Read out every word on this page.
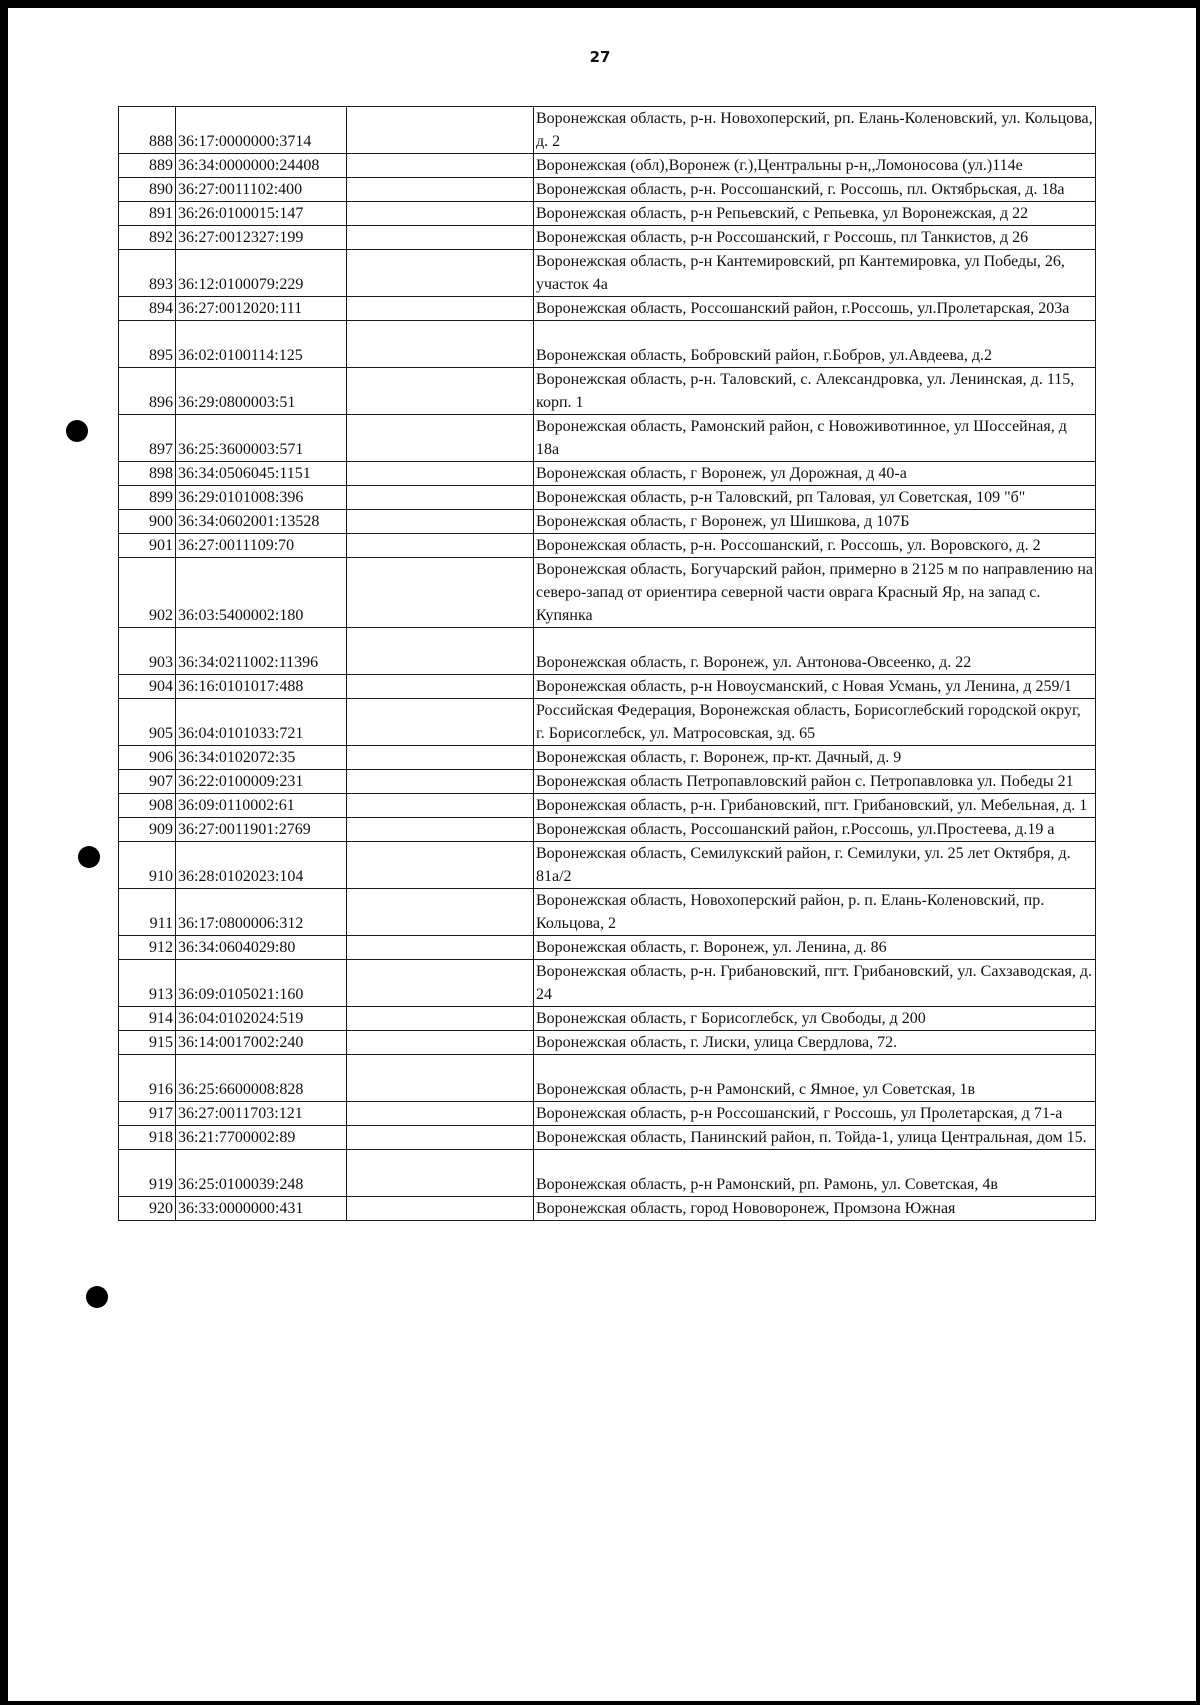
27
888	36:17:0000000:3714		Воронежская область, р-н. Новохоперский, рп. Елань-Коленовский, ул. Кольцова, д. 2
889	36:34:0000000:24408		Воронежская (обл),Воронеж (г.),Центральны р-н,,Ломоносова (ул.)114е
890	36:27:0011102:400		Воронежская область, р-н. Россошанский, г. Россошь, пл. Октябрьская, д. 18а
891	36:26:0100015:147		Воронежская область, р-н Репьевский, с Репьевка, ул Воронежская, д 22
892	36:27:0012327:199		Воронежская область, р-н Россошанский, г Россошь, пл Танкистов, д 26
893	36:12:0100079:229		Воронежская область, р-н Кантемировский, рп Кантемировка, ул Победы, 26, участок 4а
894	36:27:0012020:111		Воронежская область, Россошанский район, г.Россошь, ул.Пролетарская, 203а
895	36:02:0100114:125		Воронежская область, Бобровский район, г.Бобров, ул.Авдеева, д.2
896	36:29:0800003:51		Воронежская область, р-н. Таловский, с. Александровка, ул. Ленинская, д. 115, корп. 1
897	36:25:3600003:571		Воронежская область, Рамонский район, с Новоживотинное, ул Шоссейная, д 18а
898	36:34:0506045:1151		Воронежская область, г Воронеж, ул Дорожная, д 40-а
899	36:29:0101008:396		Воронежская область, р-н Таловский, рп Таловая, ул Советская, 109 "б"
900	36:34:0602001:13528		Воронежская область, г Воронеж, ул Шишкова, д 107Б
901	36:27:0011109:70		Воронежская область, р-н. Россошанский, г. Россошь, ул. Воровского, д. 2
902	36:03:5400002:180		Воронежская область, Богучарский район, примерно в 2125 м по направлению на северо-запад от ориентира северной части оврага Красный Яр, на запад с. Купянка
903	36:34:0211002:11396		Воронежская область, г. Воронеж, ул. Антонова-Овсеенко, д. 22
904	36:16:0101017:488		Воронежская область, р-н Новоусманский, с Новая Усмань, ул Ленина, д 259/1
905	36:04:0101033:721		Российская Федерация, Воронежская область, Борисоглебский городской округ, г. Борисоглебск, ул. Матросовская, зд. 65
906	36:34:0102072:35		Воронежская область, г. Воронеж, пр-кт. Дачный, д. 9
907	36:22:0100009:231		Воронежская область Петропавловский район с. Петропавловка ул. Победы 21
908	36:09:0110002:61		Воронежская область, р-н. Грибановский, пгт. Грибановский, ул. Мебельная, д. 1
909	36:27:0011901:2769		Воронежская область, Россошанский район, г.Россошь, ул.Простеева, д.19 а
910	36:28:0102023:104		Воронежская область, Семилукский район, г. Семилуки, ул. 25 лет Октября, д. 81а/2
911	36:17:0800006:312		Воронежская область, Новохоперский район, р. п. Елань-Коленовский, пр. Кольцова, 2
912	36:34:0604029:80		Воронежская область, г. Воронеж, ул. Ленина, д. 86
913	36:09:0105021:160		Воронежская область, р-н. Грибановский, пгт. Грибановский, ул. Сахзаводская, д. 24
914	36:04:0102024:519		Воронежская область, г Борисоглебск, ул Свободы, д 200
915	36:14:0017002:240		Воронежская область, г. Лиски, улица Свердлова, 72.
916	36:25:6600008:828		Воронежская область, р-н Рамонский, с Ямное, ул Советская, 1в
917	36:27:0011703:121		Воронежская область, р-н Россошанский, г Россошь, ул Пролетарская, д 71-а
918	36:21:7700002:89		Воронежская область, Панинский район, п. Тойда-1, улица Центральная, дом 15.
919	36:25:0100039:248		Воронежская область, р-н Рамонский, рп. Рамонь, ул. Советская, 4в
920	36:33:0000000:431		Воронежская область, город Нововоронеж, Промзона Южная
